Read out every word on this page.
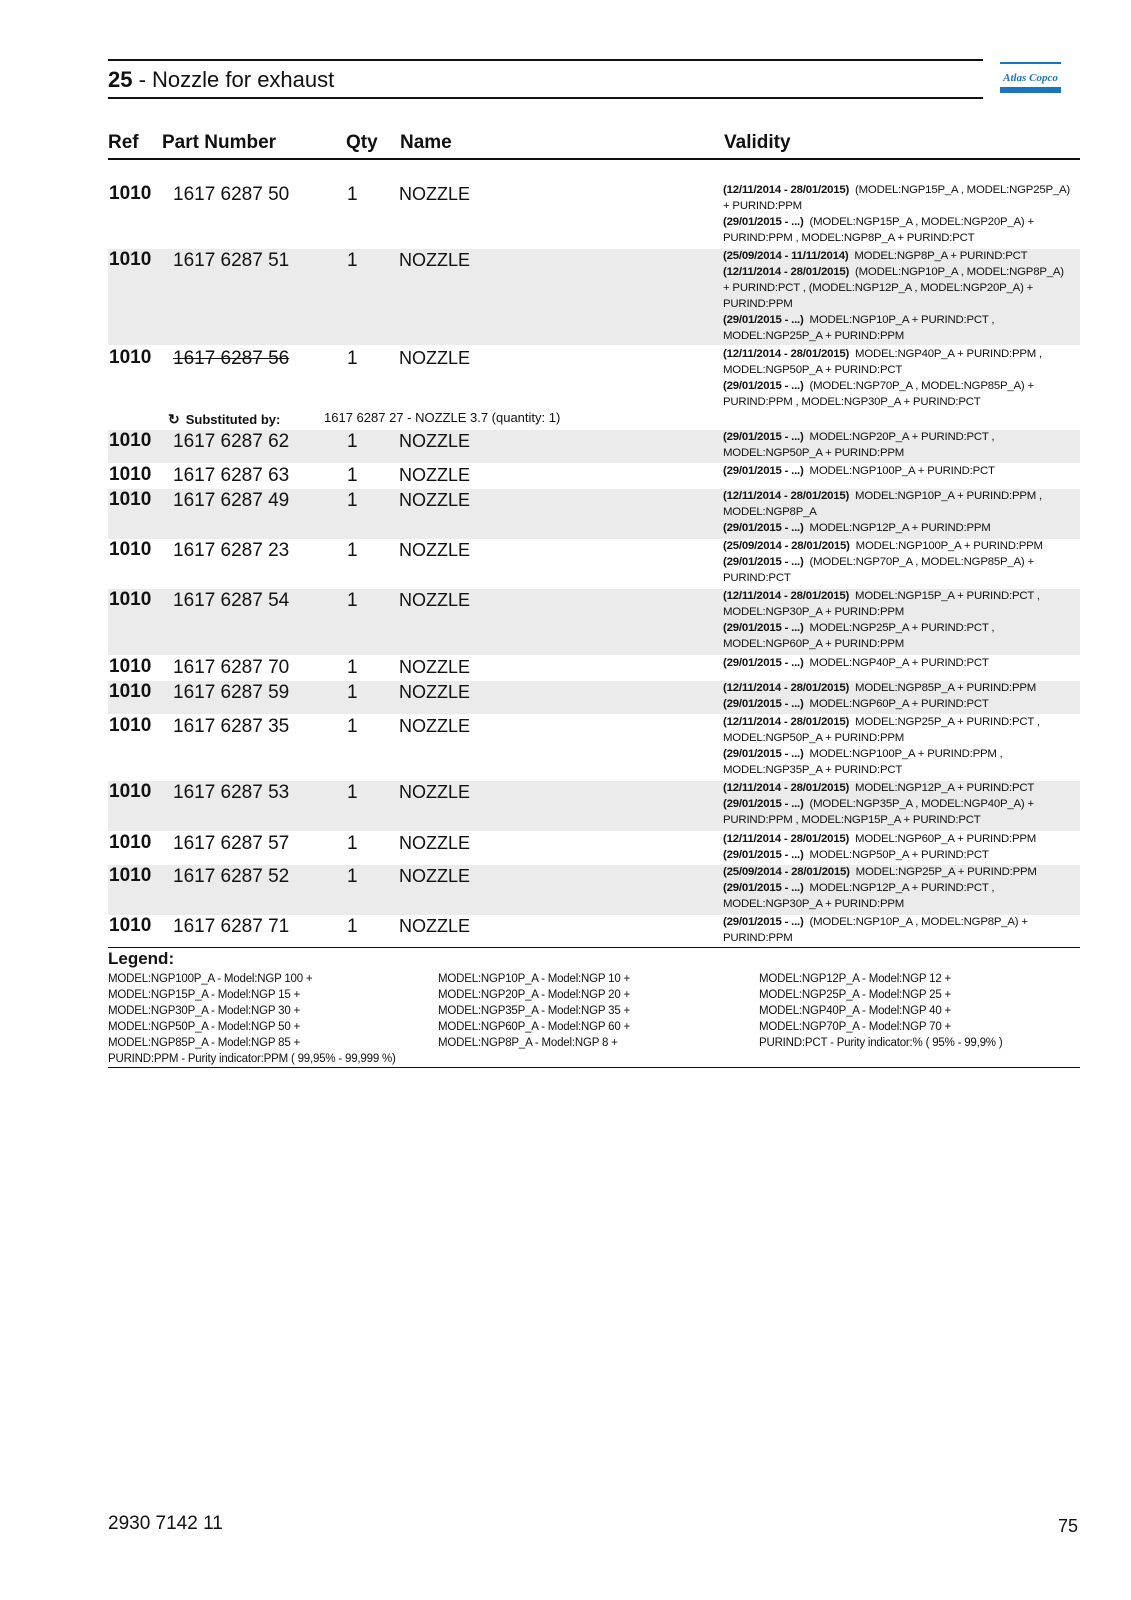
25 - Nozzle for exhaust	Atlas Copco
Ref Part Number	Qty Name	Validity
1010 1617 6287 50	1 NOZZLE	(12/11/2014 - 28/01/2015)  (MODEL:NGP15P_A , MODEL:NGP25P_A)
+ PURIND:PPM
(29/01/2015 - ...)  (MODEL:NGP15P_A , MODEL:NGP20P_A) +
PURIND:PPM , MODEL:NGP8P_A + PURIND:PCT
1010 1617 6287 51	1 NOZZLE	(25/09/2014 - 11/11/2014)  MODEL:NGP8P_A + PURIND:PCT
(12/11/2014 - 28/01/2015)  (MODEL:NGP10P_A , MODEL:NGP8P_A)
+ PURIND:PCT , (MODEL:NGP12P_A , MODEL:NGP20P_A) +
PURIND:PPM
(29/01/2015 - ...)  MODEL:NGP10P_A + PURIND:PCT ,
MODEL:NGP25P_A + PURIND:PPM
1010 1617 6287 56	1 NOZZLE	(12/11/2014 - 28/01/2015)  MODEL:NGP40P_A + PURIND:PPM ,
MODEL:NGP50P_A + PURIND:PCT
(29/01/2015 - ...)  (MODEL:NGP70P_A , MODEL:NGP85P_A) +
PURIND:PPM , MODEL:NGP30P_A + PURIND:PCT
1010 1617 6287 62	1 NOZZLE	(29/01/2015 - ...)  MODEL:NGP20P_A + PURIND:PCT ,
MODEL:NGP50P_A + PURIND:PPM
1010 1617 6287 63	1 NOZZLE	(29/01/2015 - ...)  MODEL:NGP100P_A + PURIND:PCT
1010 1617 6287 49	1 NOZZLE	(12/11/2014 - 28/01/2015)  MODEL:NGP10P_A + PURIND:PPM ,
MODEL:NGP8P_A
(29/01/2015 - ...)  MODEL:NGP12P_A + PURIND:PPM
1010 1617 6287 23	1 NOZZLE	(25/09/2014 - 28/01/2015)  MODEL:NGP100P_A + PURIND:PPM
(29/01/2015 - ...)  (MODEL:NGP70P_A , MODEL:NGP85P_A) +
PURIND:PCT
1010 1617 6287 54	1 NOZZLE	(12/11/2014 - 28/01/2015)  MODEL:NGP15P_A + PURIND:PCT ,
MODEL:NGP30P_A + PURIND:PPM
(29/01/2015 - ...)  MODEL:NGP25P_A + PURIND:PCT ,
MODEL:NGP60P_A + PURIND:PPM
1010 1617 6287 70	1 NOZZLE	(29/01/2015 - ...)  MODEL:NGP40P_A + PURIND:PCT
1010 1617 6287 59	1 NOZZLE	(12/11/2014 - 28/01/2015)  MODEL:NGP85P_A + PURIND:PPM
(29/01/2015 - ...)  MODEL:NGP60P_A + PURIND:PCT
1010 1617 6287 35	1 NOZZLE	(12/11/2014 - 28/01/2015)  MODEL:NGP25P_A + PURIND:PCT ,
MODEL:NGP50P_A + PURIND:PPM
(29/01/2015 - ...)  MODEL:NGP100P_A + PURIND:PPM ,
MODEL:NGP35P_A + PURIND:PCT
1010 1617 6287 53	1 NOZZLE	(12/11/2014 - 28/01/2015)  MODEL:NGP12P_A + PURIND:PCT
(29/01/2015 - ...)  (MODEL:NGP35P_A , MODEL:NGP40P_A) +
PURIND:PPM , MODEL:NGP15P_A + PURIND:PCT
1010 1617 6287 57	1 NOZZLE	(12/11/2014 - 28/01/2015)  MODEL:NGP60P_A + PURIND:PPM
(29/01/2015 - ...)  MODEL:NGP50P_A + PURIND:PCT
1010 1617 6287 52	1 NOZZLE	(25/09/2014 - 28/01/2015)  MODEL:NGP25P_A + PURIND:PPM
(29/01/2015 - ...)  MODEL:NGP12P_A + PURIND:PCT ,
MODEL:NGP30P_A + PURIND:PPM
1010 1617 6287 71	1 NOZZLE	(29/01/2015 - ...)  (MODEL:NGP10P_A , MODEL:NGP8P_A) +
PURIND:PPM
↻ Substituted by:	1617 6287 27 - NOZZLE 3.7 (quantity: 1)
Legend:
MODEL:NGP100P_A - Model:NGP 100 +
MODEL:NGP15P_A - Model:NGP 15 +
MODEL:NGP30P_A - Model:NGP 30 +
MODEL:NGP50P_A - Model:NGP 50 +
MODEL:NGP85P_A - Model:NGP 85 +
PURIND:PPM - Purity indicator:PPM ( 99,95% - 99,999 %)
MODEL:NGP10P_A - Model:NGP 10 +
MODEL:NGP20P_A - Model:NGP 20 +
MODEL:NGP35P_A - Model:NGP 35 +
MODEL:NGP60P_A - Model:NGP 60 +
MODEL:NGP8P_A - Model:NGP 8 +
MODEL:NGP12P_A - Model:NGP 12 +
MODEL:NGP25P_A - Model:NGP 25 +
MODEL:NGP40P_A - Model:NGP 40 +
MODEL:NGP70P_A - Model:NGP 70 +
PURIND:PCT - Purity indicator:% ( 95% - 99,9% )
2930 7142 11	75
